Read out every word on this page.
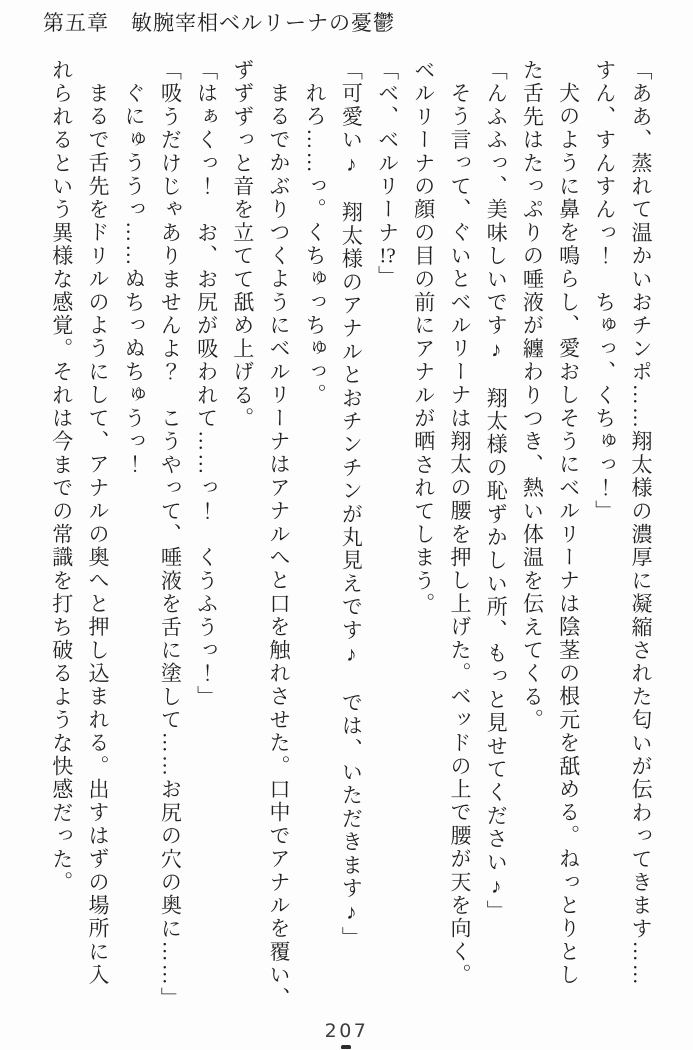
第五章　敏腕宰相ベルリーナの憂鬱
「ああ、蒸れて温かいおチンポ……翔太様の濃厚に凝縮された匂いが伝わってきます……
すん、すんすんっ！　ちゅっ、くちゅっ！」
犬のように鼻を鳴らし、愛おしそうにベルリーナは陰茎の根元を舐める。ねっとりとし
た舌先はたっぷりの唾液が纏わりつき、熱い体温を伝えてくる。
「んふふっ、美味しいです♪　翔太様の恥ずかしい所、もっと見せてください♪」
そう言って、ぐいとベルリーナは翔太の腰を押し上げた。ベッドの上で腰が天を向く。
ベルリーナの顔の目の前にアナルが晒されてしまう。
「ベ、ベルリーナ!?」
「可愛い♪　翔太様のアナルとおチンチンが丸見えです♪　では、いただきます♪」
れろ……っ。くちゅっちゅっ。
まるでかぶりつくようにベルリーナはアナルへと口を触れさせた。口中でアナルを覆い、
ずずずっと音を立てて舐め上げる。
「はぁくっ！　お、お尻が吸われて……っ！　くうふうっ！」
「吸うだけじゃありませんよ？　こうやって、唾液を舌に塗して……お尻の穴の奥に……」
ぐにゅううっ……ぬちっぬちゅうっ！
まるで舌先をドリルのようにして、アナルの奥へと押し込まれる。出すはずの場所に入
れられるという異様な感覚。それは今までの常識を打ち破るような快感だった。
207
